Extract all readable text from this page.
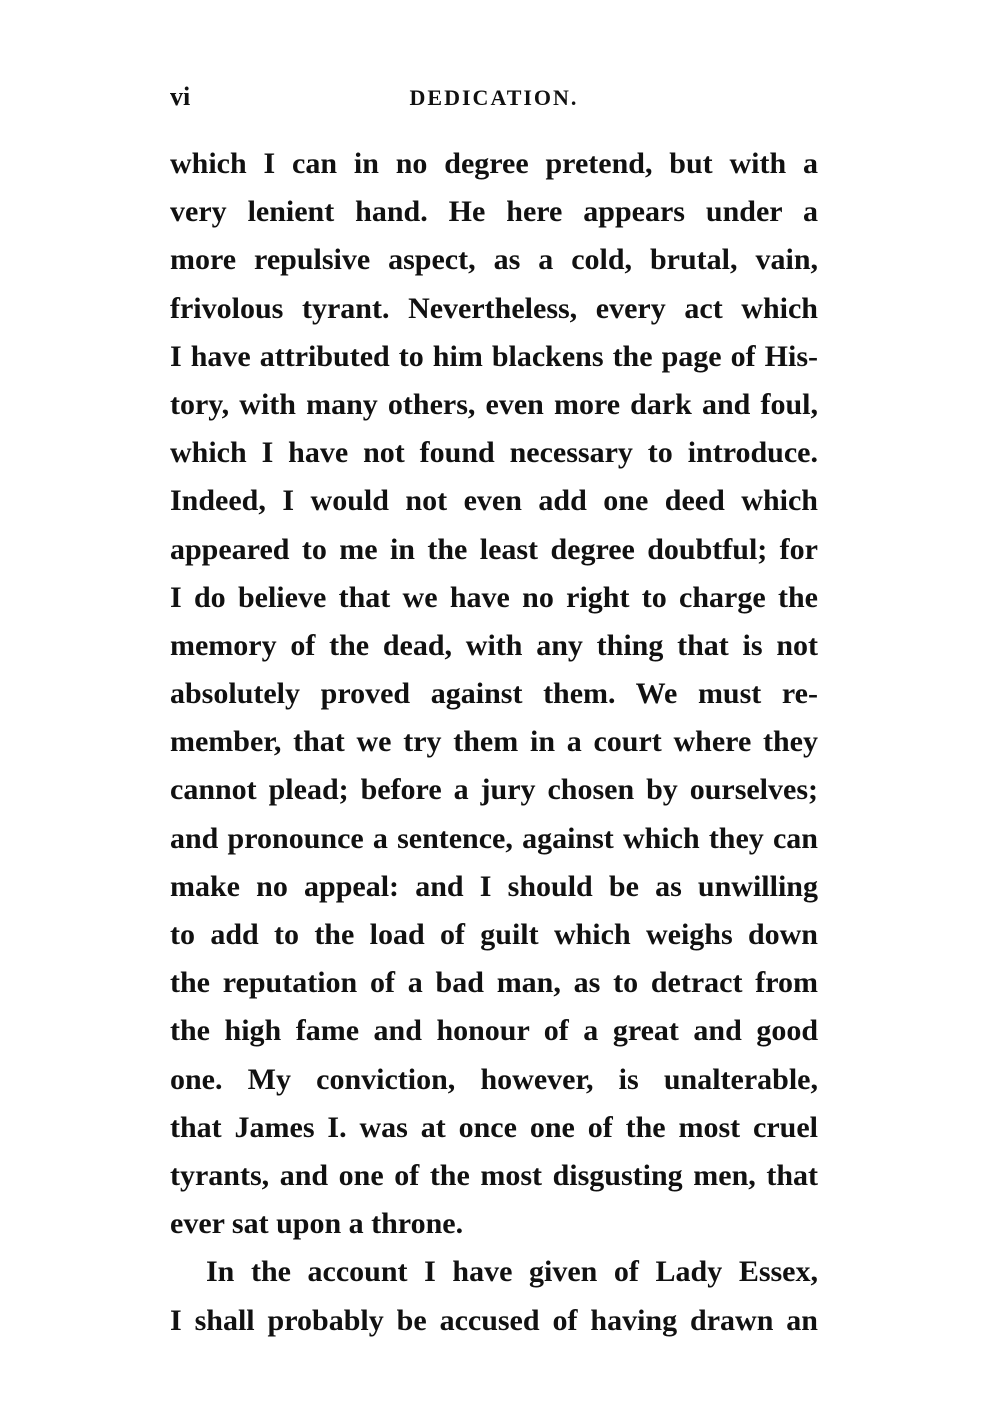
vi	DEDICATION.
which I can in no degree pretend, but with a
very lenient hand. He here appears under a
more repulsive aspect, as a cold, brutal, vain,
frivolous tyrant. Nevertheless, every act which
I have attributed to him blackens the page of His-
tory, with many others, even more dark and foul,
which I have not found necessary to introduce.
Indeed, I would not even add one deed which
appeared to me in the least degree doubtful; for
I do believe that we have no right to charge the
memory of the dead, with any thing that is not
absolutely proved against them. We must re-
member, that we try them in a court where they
cannot plead; before a jury chosen by ourselves;
and pronounce a sentence, against which they can
make no appeal: and I should be as unwilling
to add to the load of guilt which weighs down
the reputation of a bad man, as to detract from
the high fame and honour of a great and good
one. My conviction, however, is unalterable,
that James I. was at once one of the most cruel
tyrants, and one of the most disgusting men, that
ever sat upon a throne.
In the account I have given of Lady Essex,
I shall probably be accused of having drawn an
